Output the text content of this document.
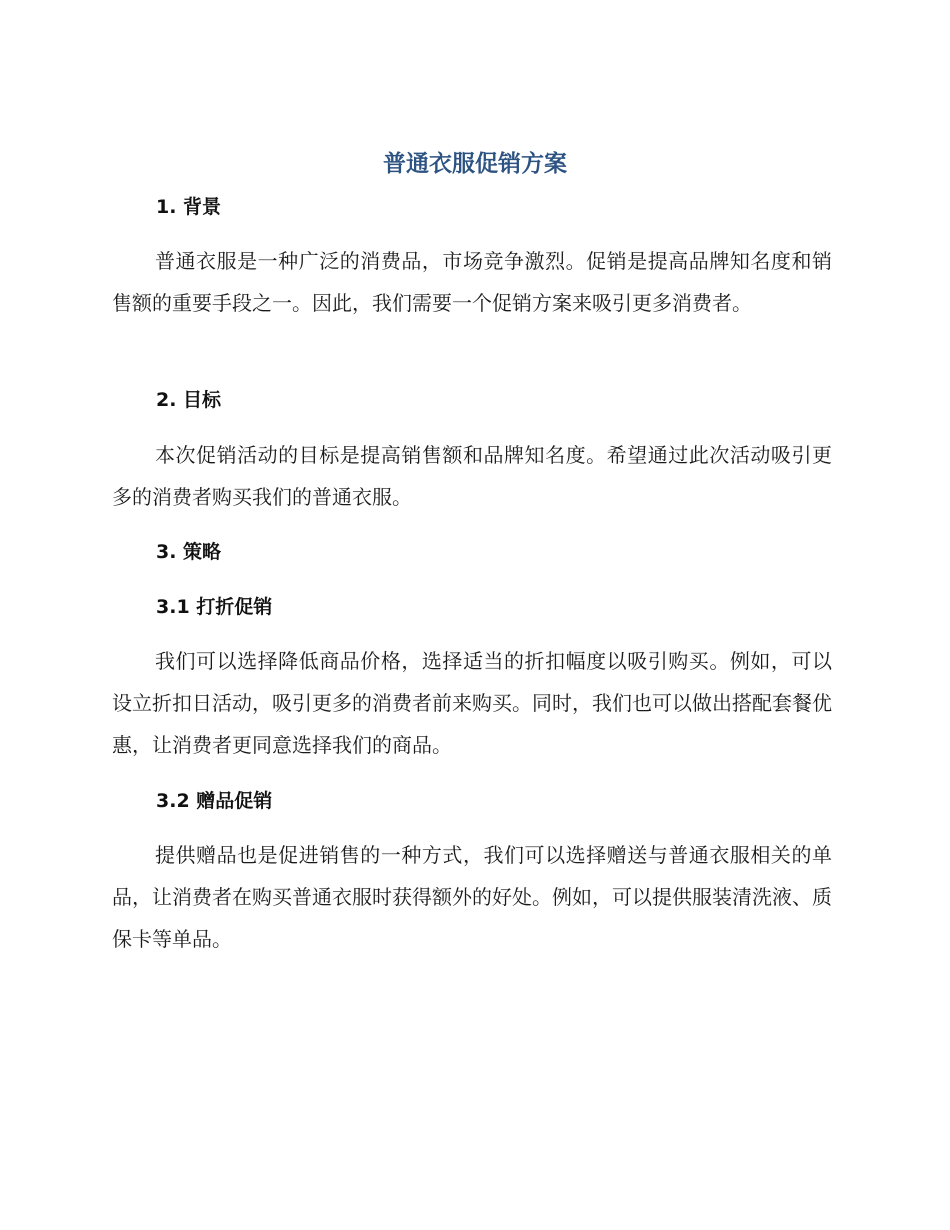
普通衣服促销方案
1. 背景

普通衣服是一种广泛的消费品，市场竞争激烈。促销是提高品牌知名度和销售额的重要手段之一。因此，我们需要一个促销方案来吸引更多消费者。

2. 目标

本次促销活动的目标是提高销售额和品牌知名度。希望通过此次活动吸引更多的消费者购买我们的普通衣服。

3. 策略
3.1 打折促销

我们可以选择降低商品价格，选择适当的折扣幅度以吸引购买。例如，可以设立折扣日活动，吸引更多的消费者前来购买。同时，我们也可以做出搭配套餐优惠，让消费者更同意选择我们的商品。

3.2 赠品促销

提供赠品也是促进销售的一种方式，我们可以选择赠送与普通衣服相关的单品，让消费者在购买普通衣服时获得额外的好处。例如，可以提供服装清洗液、质保卡等单品。
